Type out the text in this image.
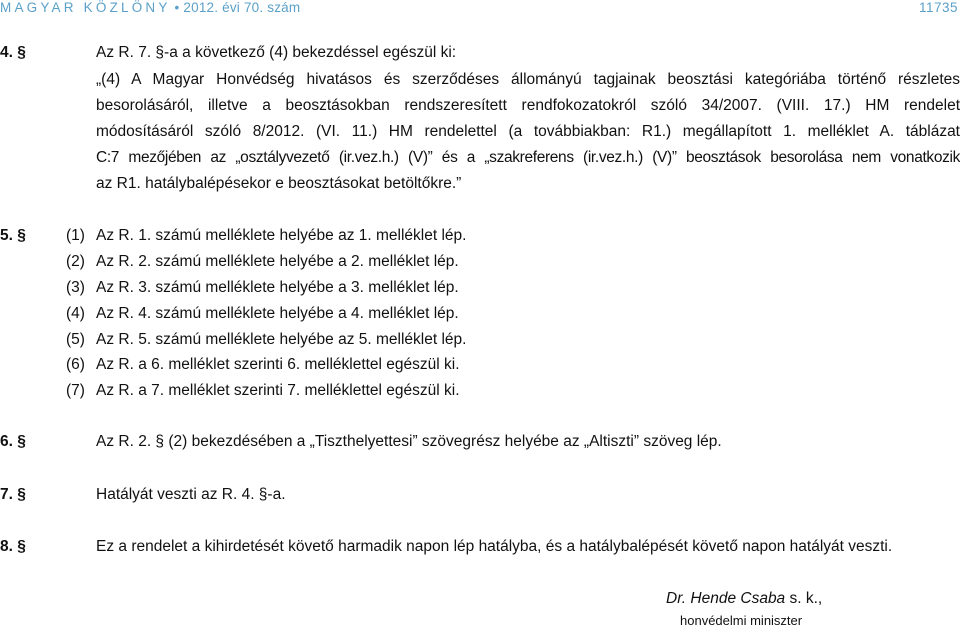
MAGYAR KÖZLÖNY • 2012. évi 70. szám	11735
4. §	Az R. 7. §-a a következő (4) bekezdéssel egészül ki:
„(4) A Magyar Honvédség hivatásos és szerződéses állományú tagjainak beosztási kategóriába történő részletes
besorolásáról, illetve a beosztásokban rendszeresített rendfokozatokról szóló 34/2007. (VIII. 17.) HM rendelet
módosításáról szóló 8/2012. (VI. 11.) HM rendelettel (a továbbiakban: R1.) megállapított 1. melléklet A. táblázat
C:7 mezőjében az „osztályvezető (ir.vez.h.) (V)” és a „szakreferens (ir.vez.h.) (V)” beosztások besorolása nem vonatkozik
az R1. hatálybalépésekor e beosztásokat betöltőkre.”
5. §	(1) Az R. 1. számú melléklete helyébe az 1. melléklet lép.
(2) Az R. 2. számú melléklete helyébe a 2. melléklet lép.
(3) Az R. 3. számú melléklete helyébe a 3. melléklet lép.
(4) Az R. 4. számú melléklete helyébe a 4. melléklet lép.
(5) Az R. 5. számú melléklete helyébe az 5. melléklet lép.
(6) Az R. a 6. melléklet szerinti 6. melléklettel egészül ki.
(7) Az R. a 7. melléklet szerinti 7. melléklettel egészül ki.
6. §	Az R. 2. § (2) bekezdésében a „Tiszthelyettesi” szövegrész helyébe az „Altiszti” szöveg lép.
7. §	Hatályát veszti az R. 4. §-a.
8. §	Ez a rendelet a kihirdetését követő harmadik napon lép hatályba, és a hatálybalépését követő napon hatályát veszti.
Dr. Hende Csaba s. k.,
honvédelmi miniszter
